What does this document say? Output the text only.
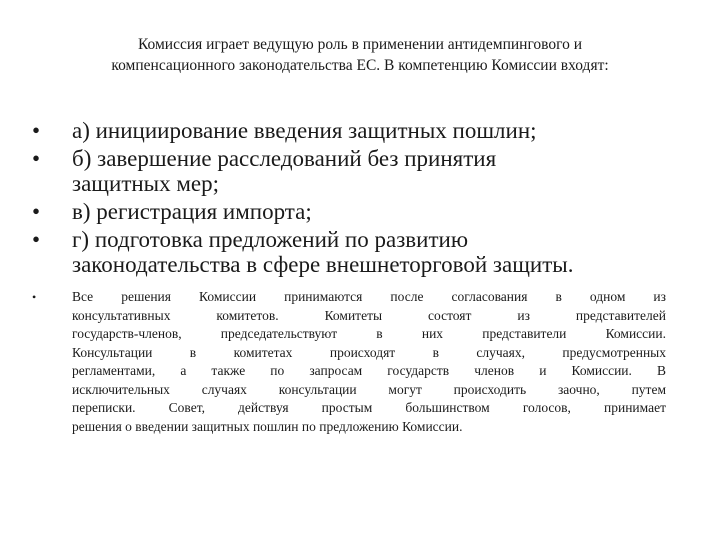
Комиссия играет ведущую роль в применении антидемпингового и
компенсационного законодательства ЕС. В компетенцию Комиссии входят:
•	а) инициирование введения защитных пошлин;
•	б) завершение расследований без принятия
защитных мер;
•	в) регистрация импорта;
•	г) подготовка предложений по развитию
законодательства в сфере внешнеторговой защиты.
•	Все решения Комиссии принимаются после согласования в одном из
консультативных комитетов. Комитеты состоят из представителей
государств-членов, председательствуют в них представители Комиссии.
Консультации в комитетах происходят в случаях, предусмотренных
регламентами, а также по запросам государств членов и Комиссии. В
исключительных случаях консультации могут происходить заочно, путем
переписки. Совет, действуя простым большинством голосов, принимает
решения о введении защитных пошлин по предложению Комиссии.
